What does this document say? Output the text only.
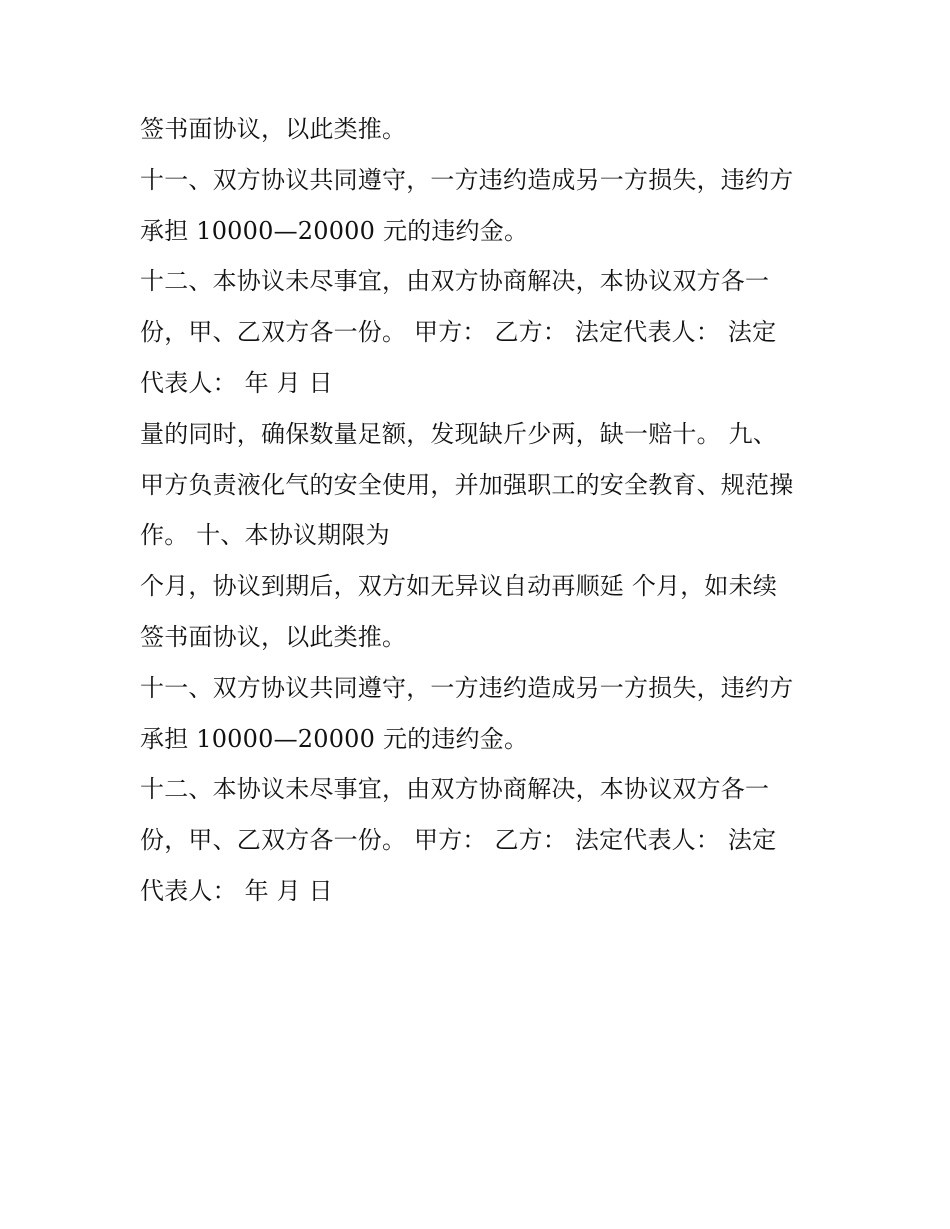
签书面协议，以此类推。
十一、双方协议共同遵守，一方违约造成另一方损失，违约方
承担 10000—20000 元的违约金。
十二、本协议未尽事宜，由双方协商解决，本协议双方各一
份，甲、乙双方各一份。 甲方： 乙方： 法定代表人： 法定
代表人： 年 月 日
量的同时，确保数量足额，发现缺斤少两，缺一赔十。 九、
甲方负责液化气的安全使用，并加强职工的安全教育、规范操
作。 十、本协议期限为
个月，协议到期后，双方如无异议自动再顺延 个月，如未续
签书面协议，以此类推。
十一、双方协议共同遵守，一方违约造成另一方损失，违约方
承担 10000—20000 元的违约金。
十二、本协议未尽事宜，由双方协商解决，本协议双方各一
份，甲、乙双方各一份。 甲方： 乙方： 法定代表人： 法定
代表人： 年 月 日
